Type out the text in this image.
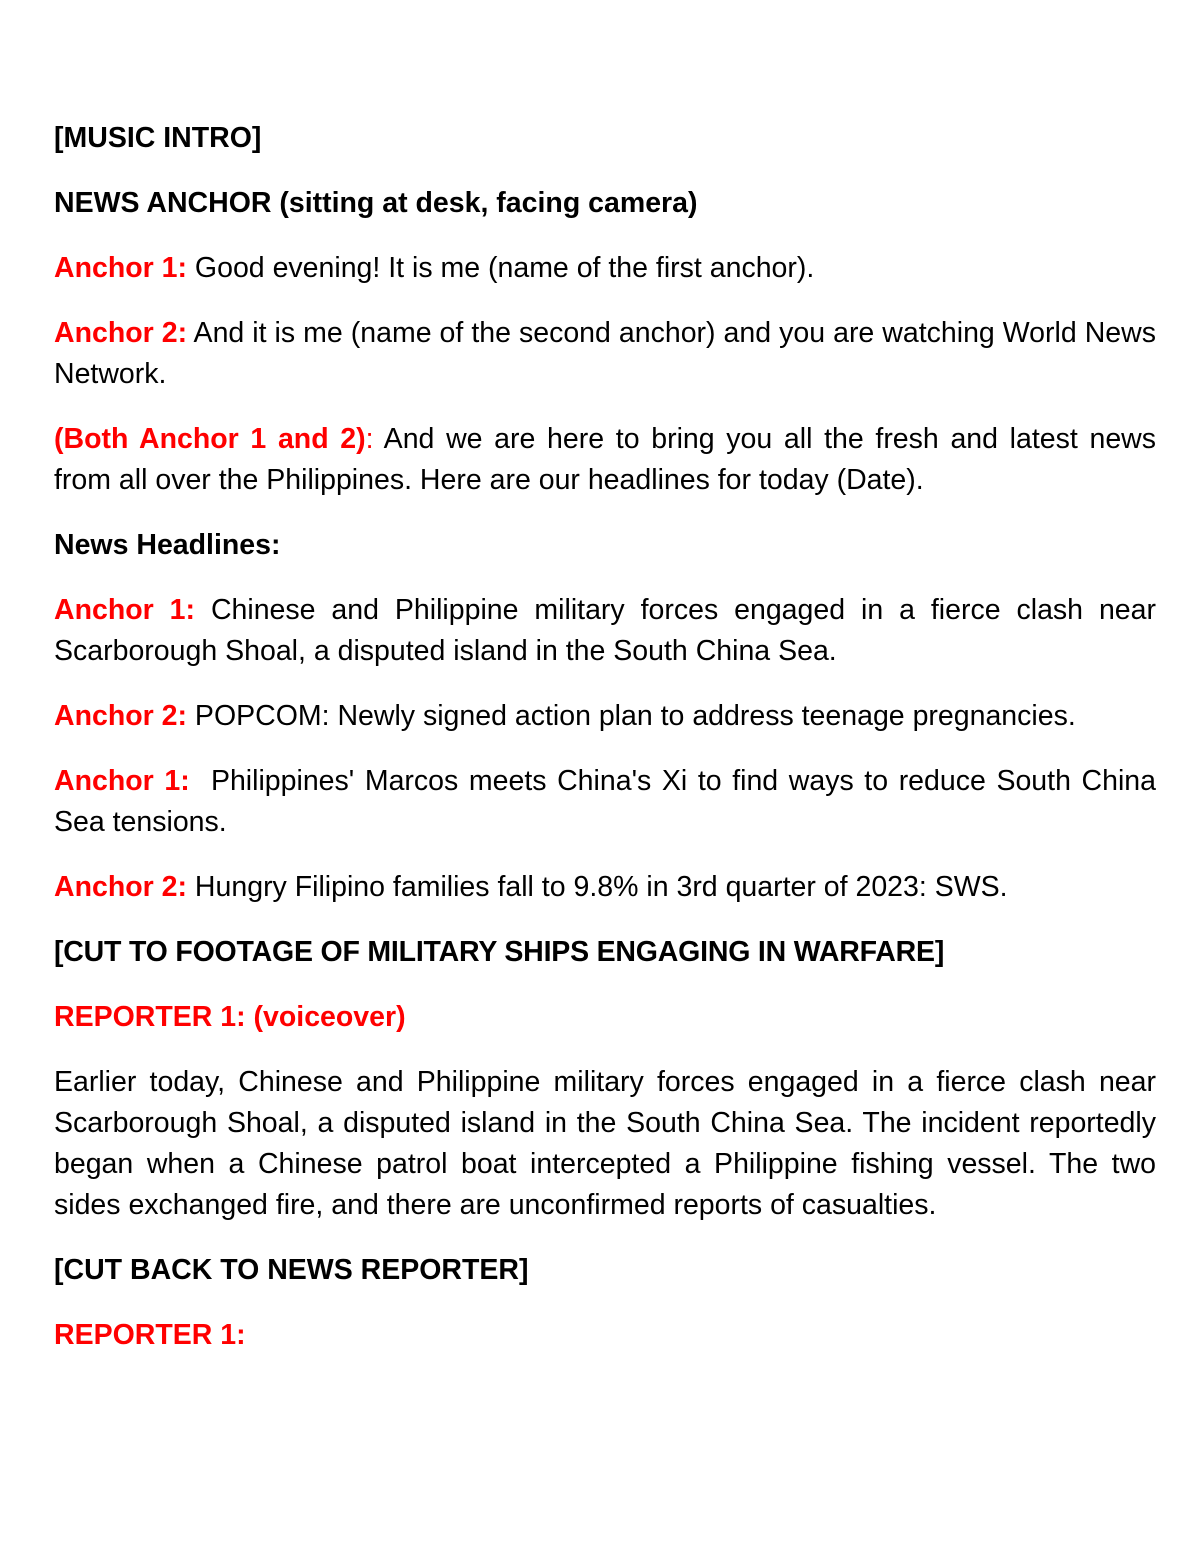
[MUSIC INTRO]

NEWS ANCHOR (sitting at desk, facing camera)

Anchor 1: Good evening! It is me (name of the first anchor).

Anchor 2: And it is me (name of the second anchor) and you are watching World News Network.

(Both Anchor 1 and 2): And we are here to bring you all the fresh and latest news from all over the Philippines. Here are our headlines for today (Date).

News Headlines:

Anchor 1: Chinese and Philippine military forces engaged in a fierce clash near Scarborough Shoal, a disputed island in the South China Sea.

Anchor 2: POPCOM: Newly signed action plan to address teenage pregnancies.

Anchor 1:  Philippines' Marcos meets China's Xi to find ways to reduce South China Sea tensions.

Anchor 2: Hungry Filipino families fall to 9.8% in 3rd quarter of 2023: SWS.

[CUT TO FOOTAGE OF MILITARY SHIPS ENGAGING IN WARFARE]

REPORTER 1: (voiceover)

Earlier today, Chinese and Philippine military forces engaged in a fierce clash near Scarborough Shoal, a disputed island in the South China Sea. The incident reportedly began when a Chinese patrol boat intercepted a Philippine fishing vessel. The two sides exchanged fire, and there are unconfirmed reports of casualties.

[CUT BACK TO NEWS REPORTER]

REPORTER 1:
